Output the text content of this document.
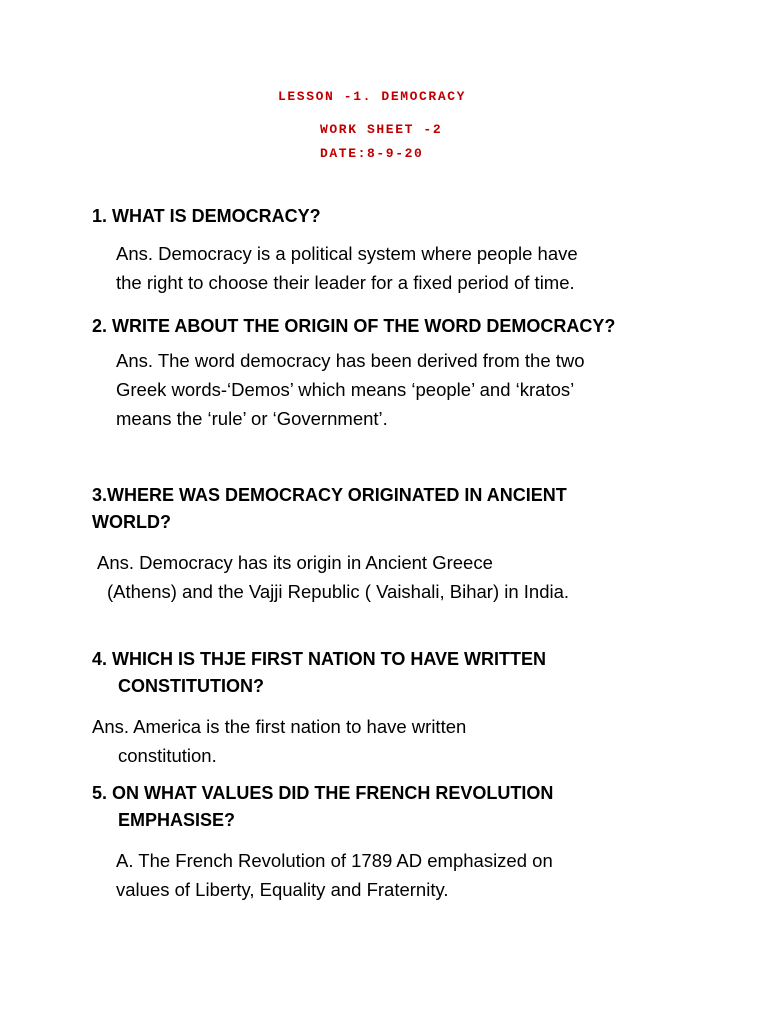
LESSON -1. DEMOCRACY

WORK SHEET -2

DATE:8-9-20

1. WHAT IS DEMOCRACY?

Ans. Democracy is a political system where people have
the right to choose their leader for a fixed period of time.

2. WRITE ABOUT THE ORIGIN OF THE WORD DEMOCRACY?

Ans. The word democracy has been derived from the two
Greek words-‘Demos’ which means ‘people’ and ‘kratos’
means the ‘rule’ or ‘Government’.

3.WHERE WAS DEMOCRACY ORIGINATED IN ANCIENT
WORLD?

Ans. Democracy has its origin in Ancient Greece
(Athens) and the Vajji Republic ( Vaishali, Bihar) in India.

4. WHICH IS THJE FIRST NATION TO HAVE WRITTEN
CONSTITUTION?

Ans. America is the first nation to have written
constitution.

5. ON WHAT VALUES DID THE FRENCH REVOLUTION
EMPHASISE?

A. The French Revolution of 1789 AD emphasized on
values of Liberty, Equality and Fraternity.
